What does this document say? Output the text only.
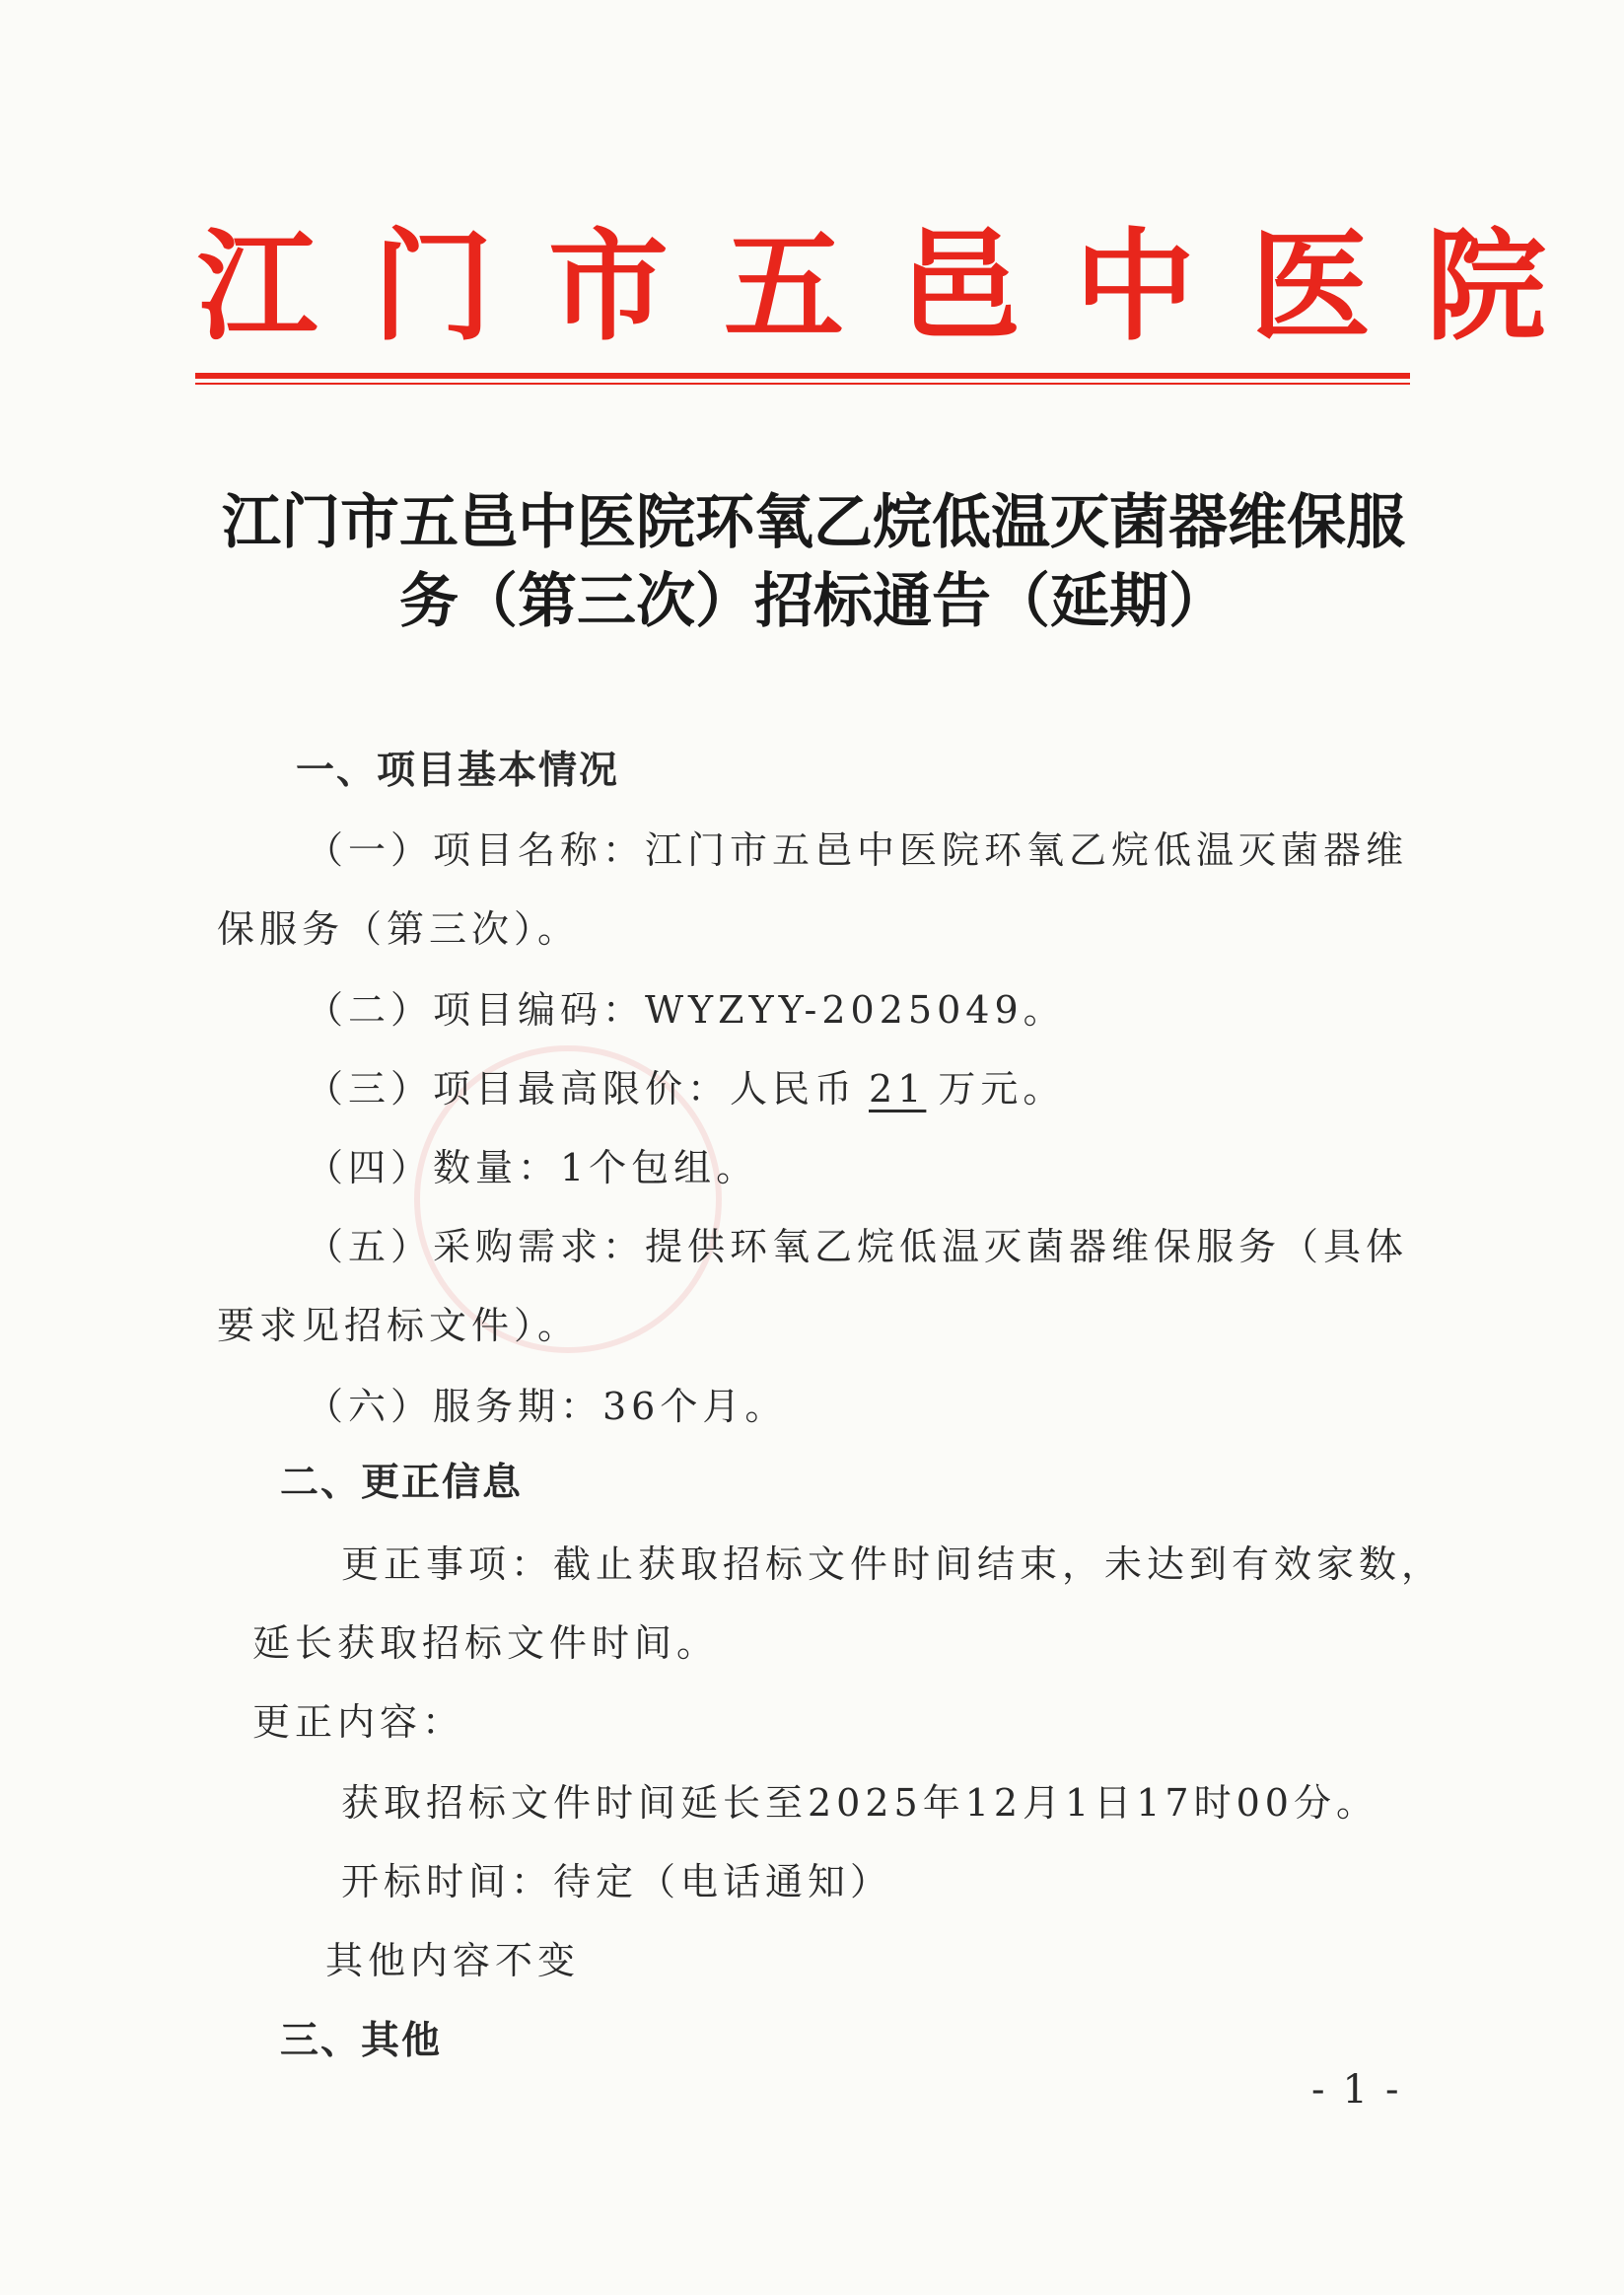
江门市五邑中医院
江门市五邑中医院环氧乙烷低温灭菌器维保服
务（第三次）招标通告（延期）
一、项目基本情况
（一）项目名称：江门市五邑中医院环氧乙烷低温灭菌器维
保服务（第三次）。
（二）项目编码：WYZYY-2025049。
（三）项目最高限价：人民币 21 万元。
（四）数量：1个包组。
（五）采购需求：提供环氧乙烷低温灭菌器维保服务（具体
要求见招标文件）。
（六）服务期：36个月。
二、更正信息
更正事项：截止获取招标文件时间结束，未达到有效家数，
延长获取招标文件时间。
更正内容：
获取招标文件时间延长至2025年12月1日17时00分。
开标时间：待定（电话通知）
其他内容不变
三、其他
-1-
